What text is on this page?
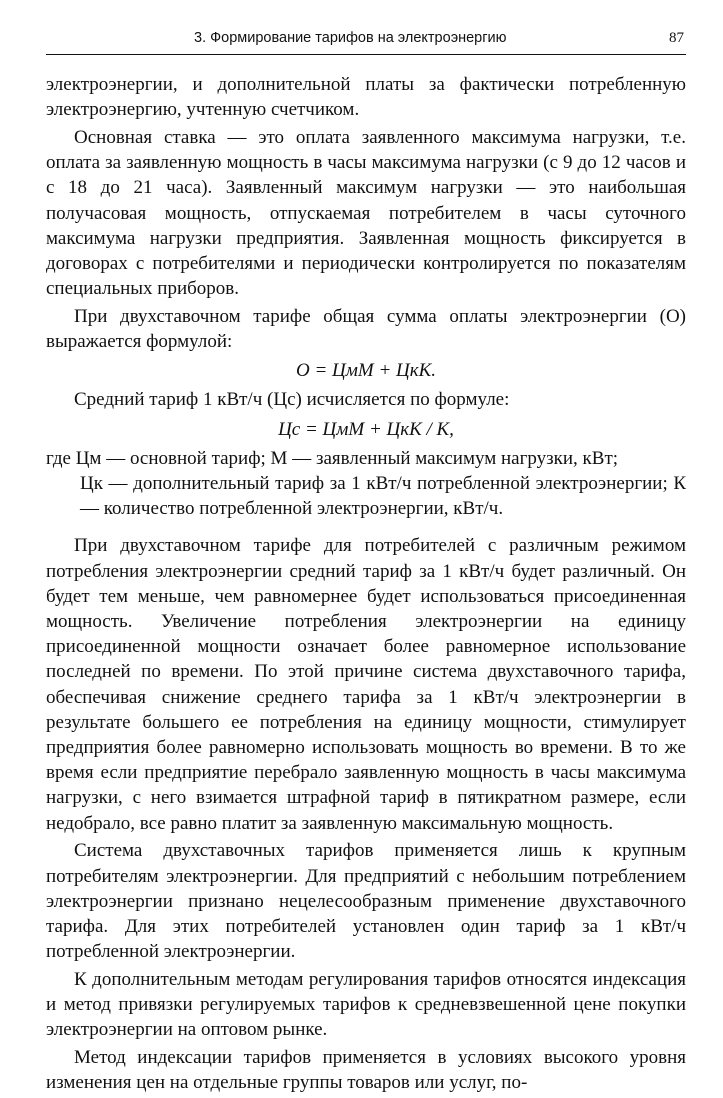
3. Формирование тарифов на электроэнергию	87

электроэнергии, и дополнительной платы за фактически потребленную электроэнергию, учтенную счетчиком.

Основная ставка — это оплата заявленного максимума нагрузки, т.е. оплата за заявленную мощность в часы максимума нагрузки (с 9 до 12 часов и с 18 до 21 часа). Заявленный максимум нагрузки — это наибольшая получасовая мощность, отпускаемая потребителем в часы суточного максимума нагрузки предприятия. Заявленная мощность фиксируется в договорах с потребителями и периодически контролируется по показателям специальных приборов.

При двухставочном тарифе общая сумма оплаты электроэнергии (О) выражается формулой:

О = ЦмМ + ЦкК.

Средний тариф 1 кВт/ч (Цс) исчисляется по формуле:

Цс = ЦмМ + ЦкК / К,

где Цм — основной тариф; М — заявленный максимум нагрузки, кВт;

Цк — дополнительный тариф за 1 кВт/ч потребленной электроэнергии; К — количество потребленной электроэнергии, кВт/ч.

При двухставочном тарифе для потребителей с различным режимом потребления электроэнергии средний тариф за 1 кВт/ч будет различный. Он будет тем меньше, чем равномернее будет использоваться присоединенная мощность. Увеличение потребления электроэнергии на единицу присоединенной мощности означает более равномерное использование последней по времени. По этой причине система двухставочного тарифа, обеспечивая снижение среднего тарифа за 1 кВт/ч электроэнергии в результате большего ее потребления на единицу мощности, стимулирует предприятия более равномерно использовать мощность во времени. В то же время если предприятие перебрало заявленную мощность в часы максимума нагрузки, с него взимается штрафной тариф в пятикратном размере, если недобрало, все равно платит за заявленную максимальную мощность.

Система двухставочных тарифов применяется лишь к крупным потребителям электроэнергии. Для предприятий с небольшим потреблением электроэнергии признано нецелесообразным применение двухставочного тарифа. Для этих потребителей установлен один тариф за 1 кВт/ч потребленной электроэнергии.

К дополнительным методам регулирования тарифов относятся индексация и метод привязки регулируемых тарифов к средневзвешенной цене покупки электроэнергии на оптовом рынке.

Метод индексации тарифов применяется в условиях высокого уровня изменения цен на отдельные группы товаров или услуг, по-
